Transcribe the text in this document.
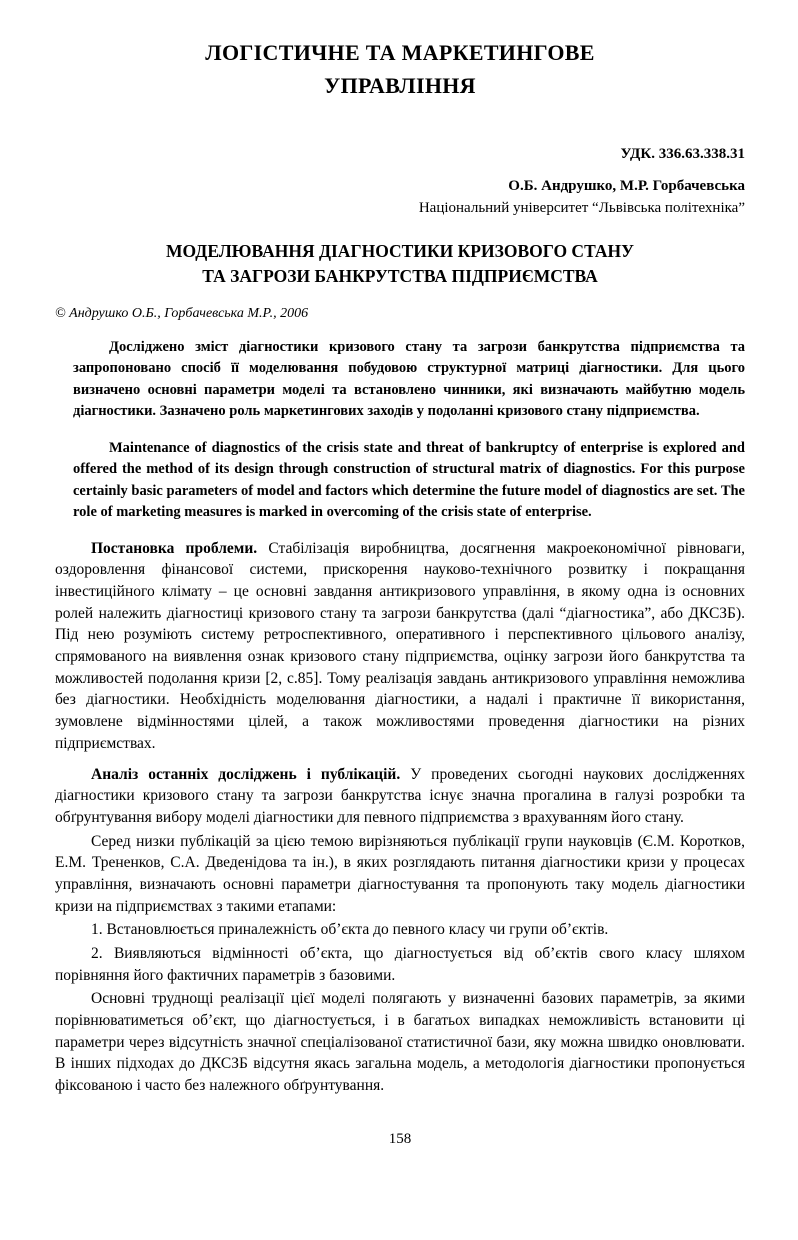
ЛОГІСТИЧНЕ ТА МАРКЕТИНГОВЕ
УПРАВЛІННЯ
УДК. 336.63.338.31
О.Б. Андрушко, М.Р. Горбачевська
Національний університет “Львівська політехніка”
МОДЕЛЮВАННЯ ДІАГНОСТИКИ КРИЗОВОГО СТАНУ
ТА ЗАГРОЗИ БАНКРУТСТВА ПІДПРИЄМСТВА
© Андрушко О.Б., Горбачевська М.Р., 2006

Досліджено зміст діагностики кризового стану та загрози банкрутства підприємства та запропоновано спосіб її моделювання побудовою структурної матриці діагностики. Для цього визначено основні параметри моделі та встановлено чинники, які визначають майбутню модель діагностики. Зазначено роль маркетингових заходів у подоланні кризового стану підприємства.

Maintenance of diagnostics of the crisis state and threat of bankruptcy of enterprise is explored and offered the method of its design through construction of structural matrix of diagnostics. For this purpose certainly basic parameters of model and factors which determine the future model of diagnostics are set. The role of marketing measures is marked in overcoming of the crisis state of enterprise.

Постановка проблеми. Стабілізація виробництва, досягнення макроекономічної рівноваги, оздоровлення фінансової системи, прискорення науково-технічного розвитку і покращання інвестиційного клімату – це основні завдання антикризового управління, в якому одна із основних ролей належить діагностиці кризового стану та загрози банкрутства (далі “діагностика”, або ДКСЗБ). Під нею розуміють систему ретроспективного, оперативного і перспективного цільового аналізу, спрямованого на виявлення ознак кризового стану підприємства, оцінку загрози його банкрутства та можливостей подолання кризи [2, с.85]. Тому реалізація завдань антикризового управління неможлива без діагностики. Необхідність моделювання діагностики, а надалі і практичне її використання, зумовлене відмінностями цілей, а також можливостями проведення діагностики на різних підприємствах.

Аналіз останніх досліджень і публікацій. У проведених сьогодні наукових дослідженнях діагностики кризового стану та загрози банкрутства існує значна прогалина в галузі розробки та обґрунтування вибору моделі діагностики для певного підприємства з врахуванням його стану.

Серед низки публікацій за цією темою вирізняються публікації групи науковців (Є.М. Коротков, Е.М. Трененков, С.А. Дведенідова та ін.), в яких розглядають питання діагностики кризи у процесах управління, визначають основні параметри діагностування та пропонують таку модель діагностики кризи на підприємствах з такими етапами:

1. Встановлюється приналежність об’єкта до певного класу чи групи об’єктів.

2. Виявляються відмінності об’єкта, що діагностується від об’єктів свого класу шляхом порівняння його фактичних параметрів з базовими.

Основні труднощі реалізації цієї моделі полягають у визначенні базових параметрів, за якими порівнюватиметься об’єкт, що діагностується, і в багатьох випадках неможливість встановити ці параметри через відсутність значної спеціалізованої статистичної бази, яку можна швидко оновлювати. В інших підходах до ДКСЗБ відсутня якась загальна модель, а методологія діагностики пропонується фіксованою і часто без належного обґрунтування.

158
